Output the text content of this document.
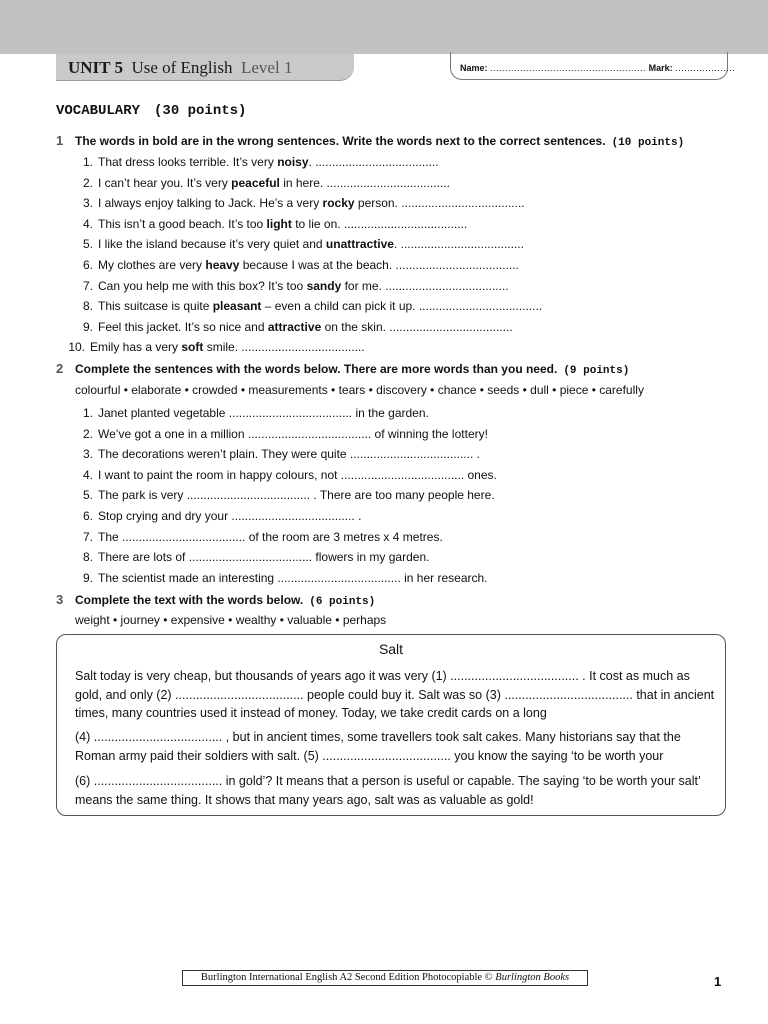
UNIT 5 Use of English Level 1	Name: .................................................... Mark: ....................
VOCABULARY (30 points)
1 The words in bold are in the wrong sentences. Write the words next to the correct sentences. (10 points)
1. That dress looks terrible. It’s very noisy. .....................................
2. I can’t hear you. It’s very peaceful in here. .....................................
3. I always enjoy talking to Jack. He’s a very rocky person. .....................................
4. This isn’t a good beach. It’s too light to lie on. .....................................
5. I like the island because it’s very quiet and unattractive. .....................................
6. My clothes are very heavy because I was at the beach. .....................................
7. Can you help me with this box? It’s too sandy for me. .....................................
8. This suitcase is quite pleasant – even a child can pick it up. .....................................
9. Feel this jacket. It’s so nice and attractive on the skin. .....................................
10. Emily has a very soft smile. .....................................
2 Complete the sentences with the words below. There are more words than you need. (9 points)
colourful • elaborate • crowded • measurements • tears • discovery • chance • seeds • dull • piece • carefully
1. Janet planted vegetable ..................................... in the garden.
2. We’ve got a one in a million ..................................... of winning the lottery!
3. The decorations weren’t plain. They were quite ..................................... .
4. I want to paint the room in happy colours, not ..................................... ones.
5. The park is very ..................................... . There are too many people here.
6. Stop crying and dry your ..................................... .
7. The ..................................... of the room are 3 metres x 4 metres.
8. There are lots of ..................................... flowers in my garden.
9. The scientist made an interesting ..................................... in her research.
3 Complete the text with the words below. (6 points)
weight • journey • expensive • wealthy • valuable • perhaps
Salt
Salt today is very cheap, but thousands of years ago it was very (1) ..................................... . It cost as much as gold, and only (2) ..................................... people could buy it. Salt was so (3) ..................................... that in ancient times, many countries used it instead of money. Today, we take credit cards on a long
(4) ..................................... , but in ancient times, some travellers took salt cakes. Many historians say that the Roman army paid their soldiers with salt. (5) ..................................... you know the saying ‘to be worth your
(6) ..................................... in gold’? It means that a person is useful or capable. The saying ‘to be worth your salt’ means the same thing. It shows that many years ago, salt was as valuable as gold!
Burlington International English A2 Second Edition Photocopiable © Burlington Books	1
